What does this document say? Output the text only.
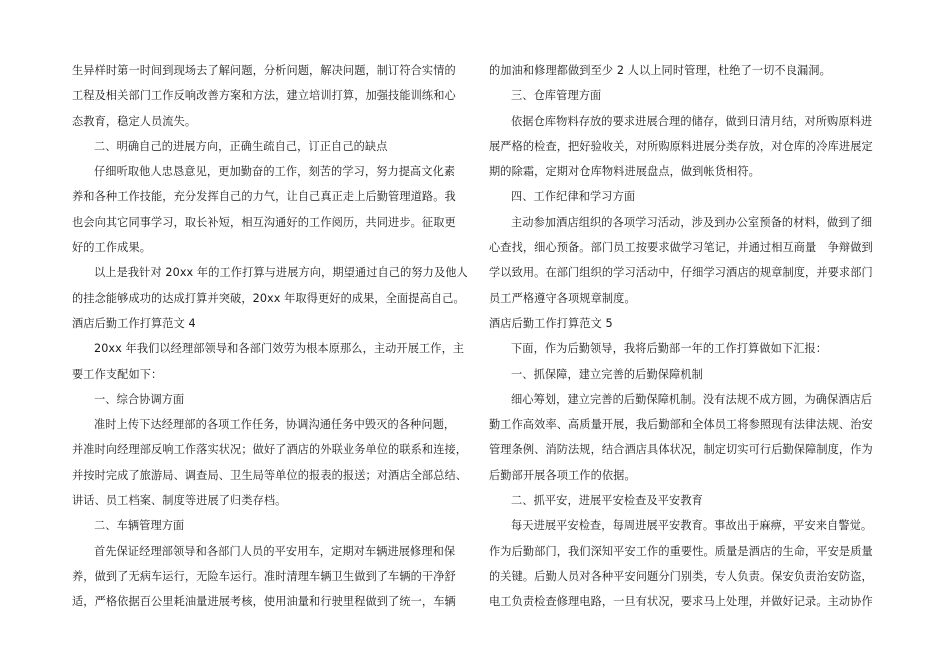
生异样时第一时间到现场去了解问题，分析问题，解决问题，制订符合实情的
工程及相关部门工作反响改善方案和方法，建立培训打算，加强技能训练和心
态教育，稳定人员流失。
二、明确自己的进展方向，正确生疏自己，订正自己的缺点
仔细听取他人忠恳意见，更加勤奋的工作，刻苦的学习，努力提高文化素
养和各种工作技能，充分发挥自己的力气，让自己真正走上后勤管理道路。我
也会向其它同事学习，取长补短，相互沟通好的工作阅历，共同进步。征取更
好的工作成果。
以上是我针对 20xx 年的工作打算与进展方向，期望通过自己的努力及他人
的挂念能够成功的达成打算并突破，20xx 年取得更好的成果，全面提高自己。
酒店后勤工作打算范文 4
20xx 年我们以经理部领导和各部门效劳为根本原那么，主动开展工作，主
要工作支配如下：
一、综合协调方面
准时上传下达经理部的各项工作任务，协调沟通任务中毁灭的各种问题，
并准时向经理部反响工作落实状况；做好了酒店的外联业务单位的联系和连接，
并按时完成了旅游局、调查局、卫生局等单位的报表的报送；对酒店全部总结、
讲话、员工档案、制度等进展了归类存档。
二、车辆管理方面
首先保证经理部领导和各部门人员的平安用车，定期对车辆进展修理和保
养，做到了无病车运行，无险车运行。准时清理车辆卫生做到了车辆的干净舒
适，严格依据百公里耗油量进展考核，使用油量和行驶里程做到了统一，车辆
的加油和修理都做到至少 2 人以上同时管理，杜绝了一切不良漏洞。
三、仓库管理方面
依据仓库物料存放的要求进展合理的储存，做到日清月结，对所购原料进
展严格的检查，把好验收关，对所购原料进展分类存放，对仓库的冷库进展定
期的除霜，定期对仓库物料进展盘点，做到帐货相符。
四、工作纪律和学习方面
主动参加酒店组织的各项学习活动，涉及到办公室预备的材料，做到了细
心查找，细心预备。部门员工按要求做学习笔记，并通过相互商量　争辩做到
学以致用。在部门组织的学习活动中，仔细学习酒店的规章制度，并要求部门
员工严格遵守各项规章制度。
酒店后勤工作打算范文 5
下面，作为后勤领导，我将后勤部一年的工作打算做如下汇报：
一、抓保障，建立完善的后勤保障机制
细心筹划，建立完善的后勤保障机制。没有法规不成方圆，为确保酒店后
勤工作高效率、高质量开展，我后勤部和全体员工将参照现有法律法规、治安
管理条例、消防法规，结合酒店具体状况，制定切实可行后勤保障制度，作为
后勤部开展各项工作的依据。
二、抓平安，进展平安检查及平安教育
每天进展平安检查，每周进展平安教育。事故出于麻痹，平安来自警觉。
作为后勤部门，我们深知平安工作的重要性。质量是酒店的生命，平安是质量
的关键。后勤人员对各种平安问题分门别类，专人负责。保安负责治安防盗，
电工负责检查修理电路，一旦有状况，要求马上处理，并做好记录。主动协作
